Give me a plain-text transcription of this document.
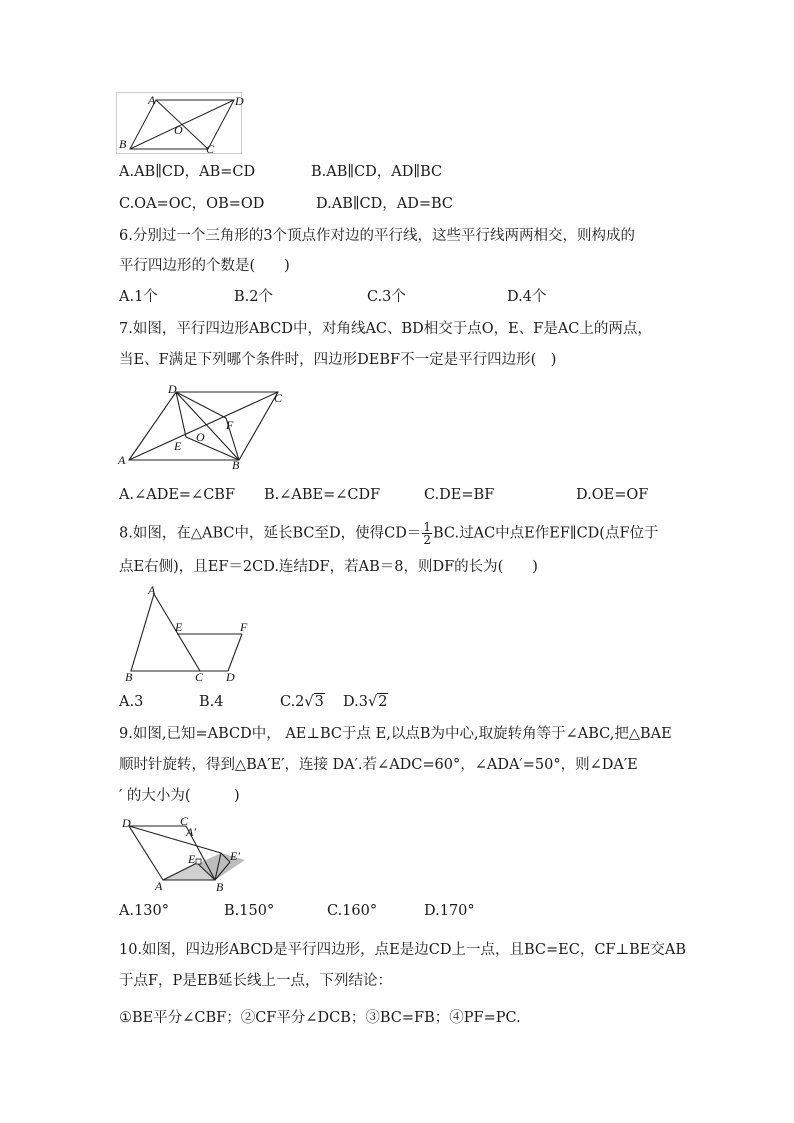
A	D
B	C
O
A.AB∥CD，AB=CD	B.AB∥CD，AD∥BC
C.OA=OC，OB=OD	D.AB∥CD，AD=BC
6.分别过一个三角形的3个顶点作对边的平行线，这些平行线两两相交，则构成的
平行四边形的个数是(　　)
A.1个	B.2个	C.3个	D.4个
7.如图，平行四边形ABCD中，对角线AC、BD相交于点O，E、F是AC上的两点，
当E、F满足下列哪个条件时，四边形DEBF不一定是平行四边形(　)
D
C
A	B
E
O
F
A.∠ADE=∠CBF B.∠ABE=∠CDF	C.DE=BF	D.OE=OF
8.如图，在△ABC中，延长BC至D，使得$CD= \frac{1}{2}$ BC.过AC中点E作EF∥CD(点F位于
点E右侧)，且EF＝2CD.连结DF，若AB＝8，则DF的长为(　　)
A
E	F
B	C D
A.3	B.4	C.2√3 D.3√2
9.如图,已知=ABCD中， AE⊥BC于点 E,以点B为中心,取旋转角等于∠ABC,把△BAE
顺时针旋转，得到△BA′E′，连接 DA′.若∠ADC=60°，∠ADA′=50°，则∠DA′E
′ 的大小为(　　　)
D	C
A′
E	E′
A	B
A.130°	B.150°	C.160°	D.170°
10.如图，四边形ABCD是平行四边形，点E是边CD上一点，且BC=EC，CF⊥BE交AB
于点F，P是EB延长线上一点，下列结论：
①BE平分∠CBF；②CF平分∠DCB；③BC=FB；④PF=PC.
